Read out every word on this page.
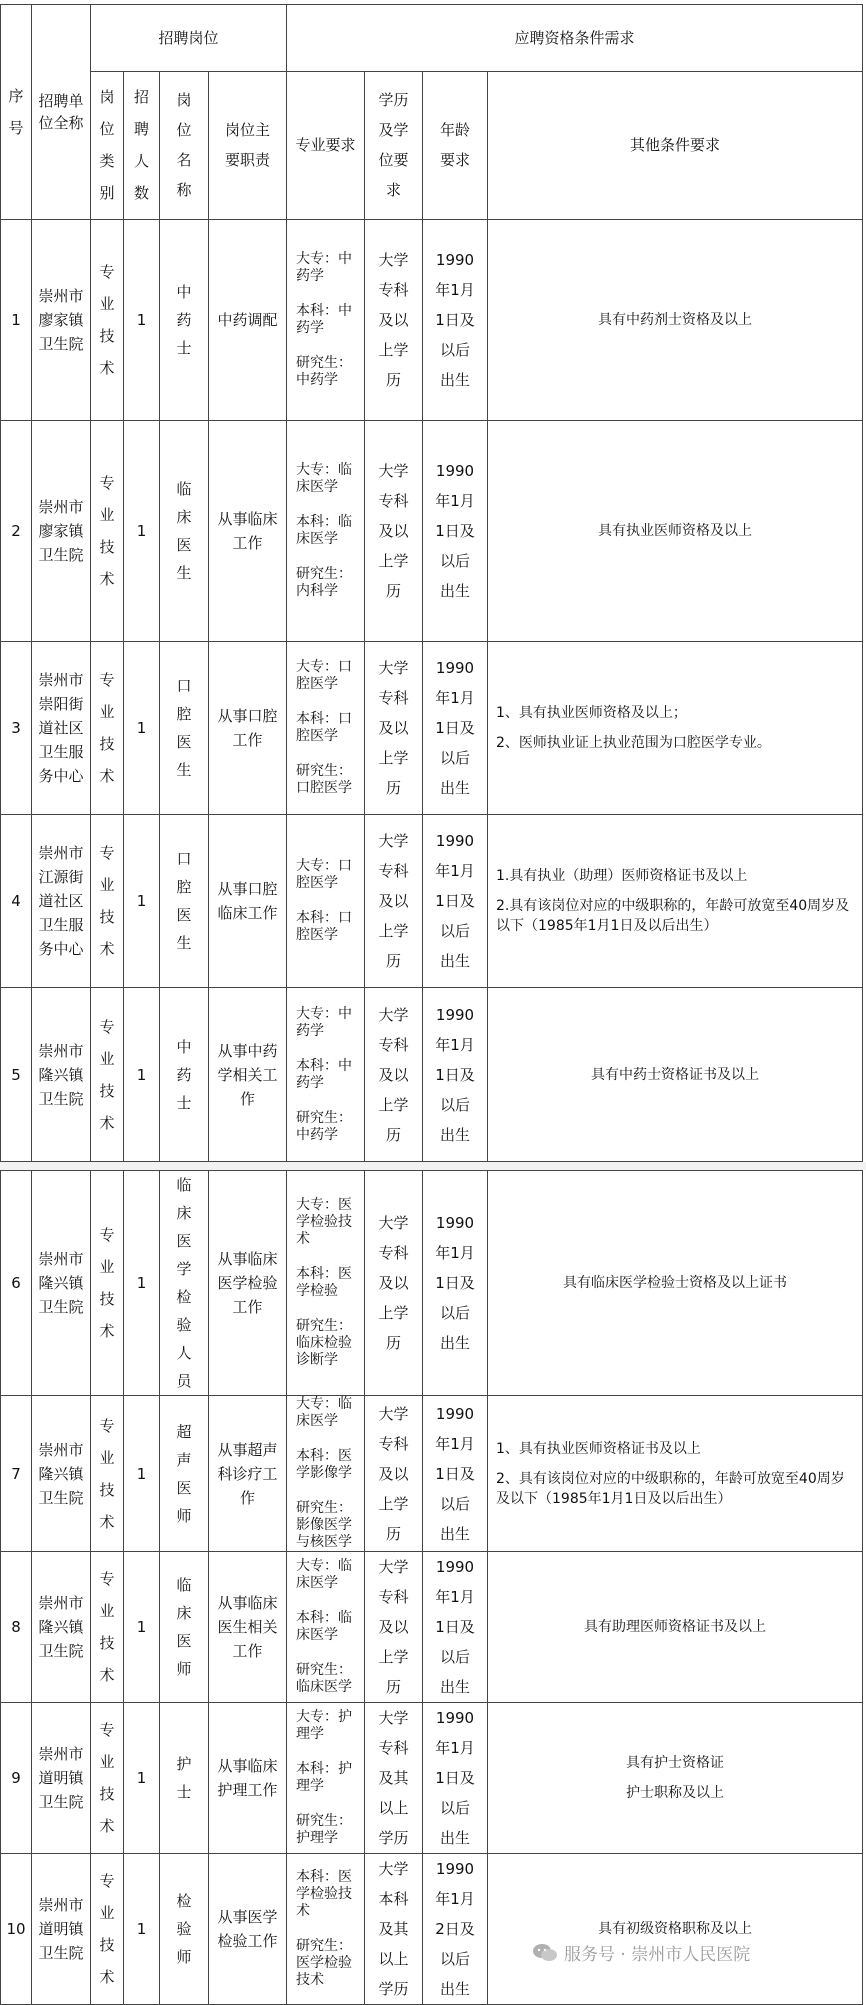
序号	招聘单位全称	招聘岗位				应聘资格条件需求			
		岗位类别	招聘人数	岗位名称	岗位主要职责	专业要求	学历及学位要求	年龄要求	其他条件要求
1	崇州市廖家镇卫生院	专业技术	1	中药士	中药调配	大专：中药学
本科：中药学
研究生：中药学	大学专科及以上学历	1990年1月1日及以后出生	具有中药剂士资格及以上

2	崇州市廖家镇卫生院	专业技术	1	临床医生	从事临床工作	大专：临床医学
本科：临床医学
研究生：内科学	大学专科及以上学历	1990年1月1日及以后出生	具有执业医师资格及以上

3	崇州市崇阳街道社区卫生服务中心	专业技术	1	口腔医生	从事口腔工作	大专：口腔医学
本科：口腔医学
研究生：口腔医学	大学专科及以上学历	1990年1月1日及以后出生	1、具有执业医师资格及以上；
2、医师执业证上执业范围为口腔医学专业。

4	崇州市江源街道社区卫生服务中心	专业技术	1	口腔医生	从事口腔临床工作	大专：口腔医学
本科：口腔医学	大学专科及以上学历	1990年1月1日及以后出生	1.具有执业（助理）医师资格证书及以上
2.具有该岗位对应的中级职称的，年龄可放宽至40周岁及以下（1985年1月1日及以后出生）

5	崇州市隆兴镇卫生院	专业技术	1	中药士	从事中药学相关工作	大专：中药学
本科：中药学
研究生：中药学	大学专科及以上学历	1990年1月1日及以后出生	具有中药士资格证书及以上
6	崇州市隆兴镇卫生院	专业技术	1	临床医学检验人员	从事临床医学检验工作	大专：医学检验技术
本科：医学检验
研究生：临床检验诊断学	大学专科及以上学历	1990年1月1日及以后出生	具有临床医学检验士资格及以上证书

7	崇州市隆兴镇卫生院	专业技术	1	超声医师	从事超声科诊疗工作	大专：临床医学
本科：医学影像学
研究生：影像医学与核医学	大学专科及以上学历	1990年1月1日及以后出生	1、具有执业医师资格证书及以上
2、具有该岗位对应的中级职称的，年龄可放宽至40周岁及以下（1985年1月1日及以后出生）

8	崇州市隆兴镇卫生院	专业技术	1	临床医师	从事临床医生相关工作	大专：临床医学
本科：临床医学
研究生：临床医学	大学专科及以上学历	1990年1月1日及以后出生	具有助理医师资格证书及以上

9	崇州市道明镇卫生院	专业技术	1	护士	从事临床护理工作	大专：护理学
本科：护理学
研究生：护理学	大学专科及其以上学历	1990年1月1日及以后出生	具有护士资格证
护士职称及以上

10	崇州市道明镇卫生院	专业技术	1	检验师	从事医学检验工作	本科：医学检验技术
研究生：医学检验技术	大学本科及其以上学历	1990年1月2日及以后出生	具有初级资格职称及以上
服务号 · 崇州市人民医院
